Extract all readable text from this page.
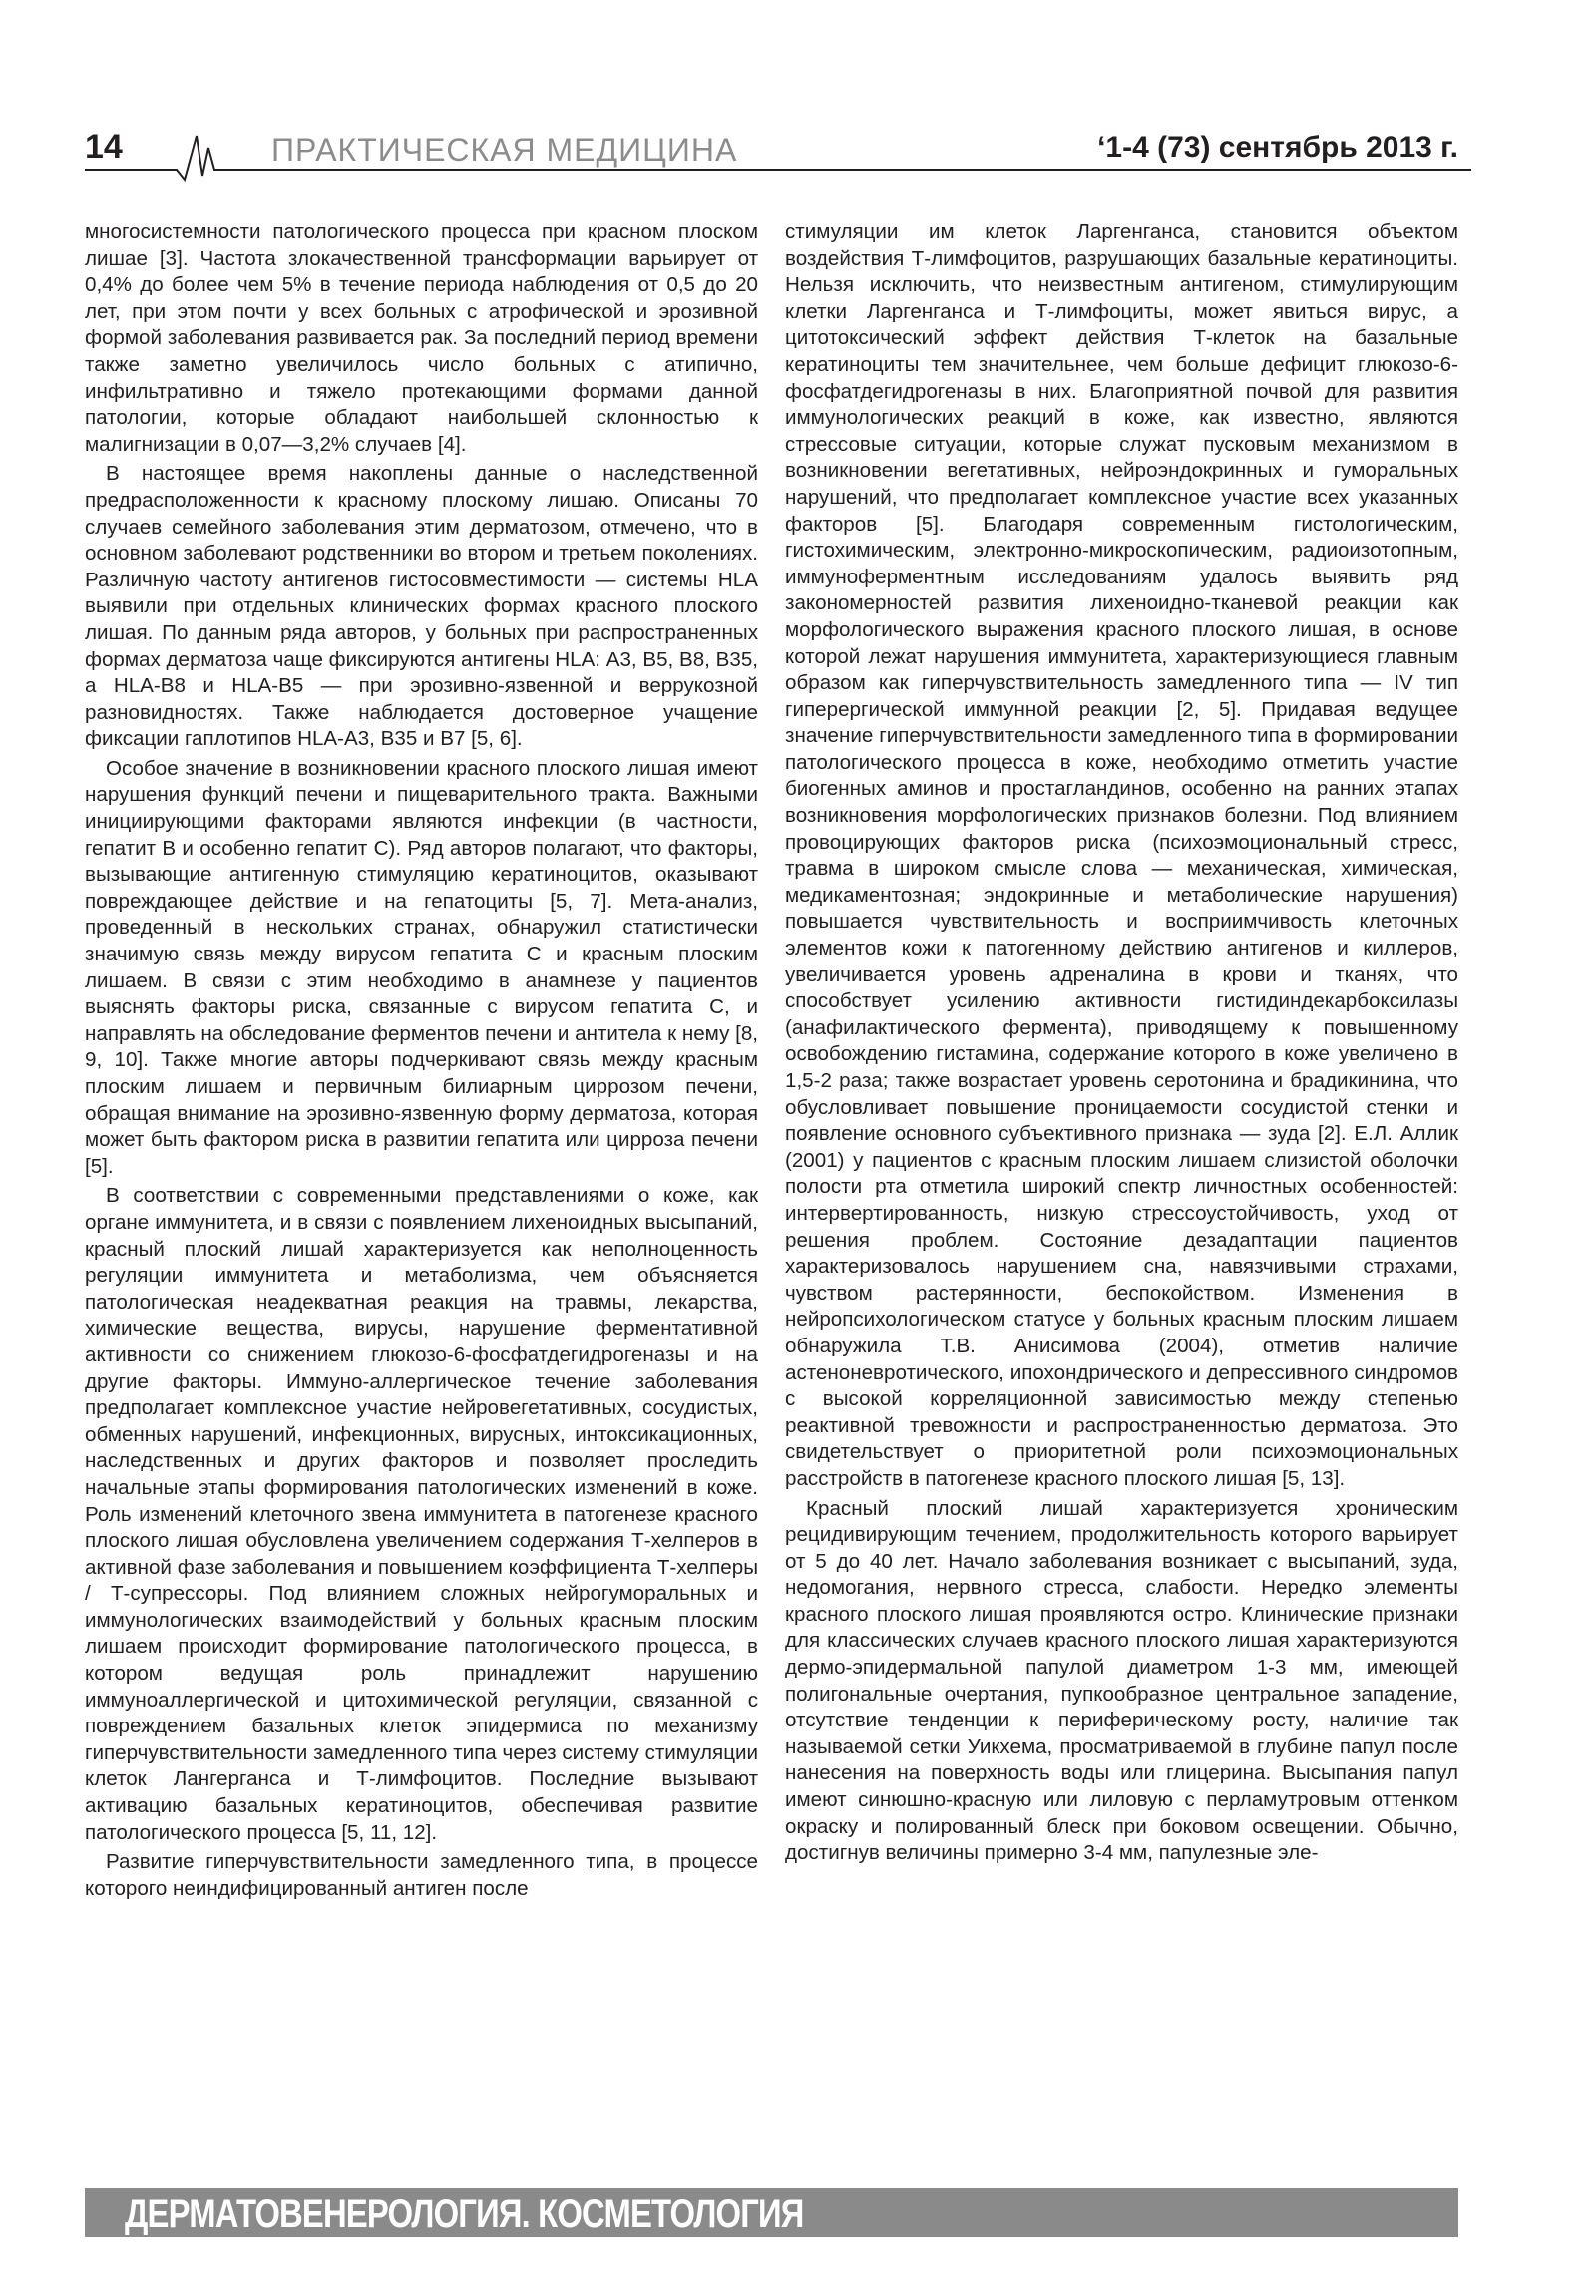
14	ПРАКТИЧЕСКАЯ МЕДИЦИНА	‘1-4 (73) сентябрь 2013 г.

многосистемности патологического процесса при красном плоском лишае [3]. Частота злокачественной трансформации варьирует от 0,4% до более чем 5% в течение периода наблюдения от 0,5 до 20 лет, при этом почти у всех больных с атрофической и эрозивной формой заболевания развивается рак. За последний период времени также заметно увеличилось число больных с атипично, инфильтративно и тяжело протекающими формами данной патологии, которые обладают наибольшей склонностью к малигнизации в 0,07—3,2% случаев [4].

В настоящее время накоплены данные о наследственной предрасположенности к красному плоскому лишаю. Описаны 70 случаев семейного заболевания этим дерматозом, отмечено, что в основном заболевают родственники во втором и третьем поколениях. Различную частоту антигенов гистосовместимости — системы HLA выявили при отдельных клинических формах красного плоского лишая. По данным ряда авторов, у больных при распространенных формах дерматоза чаще фиксируются антигены HLA: А3, В5, В8, В35, а HLA-B8 и HLA-B5 — при эрозивно-язвенной и веррукозной разновидностях. Также наблюдается достоверное учащение фиксации гаплотипов HLA-A3, B35 и B7 [5, 6].

Особое значение в возникновении красного плоского лишая имеют нарушения функций печени и пищеварительного тракта. Важными инициирующими факторами являются инфекции (в частности, гепатит В и особенно гепатит С). Ряд авторов полагают, что факторы, вызывающие антигенную стимуляцию кератиноцитов, оказывают повреждающее действие и на гепатоциты [5, 7]. Мета-анализ, проведенный в нескольких странах, обнаружил статистически значимую связь между вирусом гепатита С и красным плоским лишаем. В связи с этим необходимо в анамнезе у пациентов выяснять факторы риска, связанные с вирусом гепатита С, и направлять на обследование ферментов печени и антитела к нему [8, 9, 10]. Также многие авторы подчеркивают связь между красным плоским лишаем и первичным билиарным циррозом печени, обращая внимание на эрозивно-язвенную форму дерматоза, которая может быть фактором риска в развитии гепатита или цирроза печени [5].

В соответствии с современными представлениями о коже, как органе иммунитета, и в связи с появлением лихеноидных высыпаний, красный плоский лишай характеризуется как неполноценность регуляции иммунитета и метаболизма, чем объясняется патологическая неадекватная реакция на травмы, лекарства, химические вещества, вирусы, нарушение ферментативной активности со снижением глюкозо-6-фосфатдегидрогеназы и на другие факторы. Иммуно-аллергическое течение заболевания предполагает комплексное участие нейровегетативных, сосудистых, обменных нарушений, инфекционных, вирусных, интоксикационных, наследственных и других факторов и позволяет проследить начальные этапы формирования патологических изменений в коже. Роль изменений клеточного звена иммунитета в патогенезе красного плоского лишая обусловлена увеличением содержания Т-хелперов в активной фазе заболевания и повышением коэффициента Т-хелперы / Т-супрессоры. Под влиянием сложных нейрогуморальных и иммунологических взаимодействий у больных красным плоским лишаем происходит формирование патологического процесса, в котором ведущая роль принадлежит нарушению иммуноаллергической и цитохимической регуляции, связанной с повреждением базальных клеток эпидермиса по механизму гиперчувствительности замедленного типа через систему стимуляции клеток Лангерганса и Т-лимфоцитов. Последние вызывают активацию базальных кератиноцитов, обеспечивая развитие патологического процесса [5, 11, 12].

Развитие гиперчувствительности замедленного типа, в процессе которого неиндифицированный антиген после

стимуляции им клеток Ларгенганса, становится объектом воздействия Т-лимфоцитов, разрушающих базальные кератиноциты. Нельзя исключить, что неизвестным антигеном, стимулирующим клетки Ларгенганса и Т-лимфоциты, может явиться вирус, а цитотоксический эффект действия Т-клеток на базальные кератиноциты тем значительнее, чем больше дефицит глюкозо-6-фосфатдегидрогеназы в них. Благоприятной почвой для развития иммунологических реакций в коже, как известно, являются стрессовые ситуации, которые служат пусковым механизмом в возникновении вегетативных, нейроэндокринных и гуморальных нарушений, что предполагает комплексное участие всех указанных факторов [5]. Благодаря современным гистологическим, гистохимическим, электронно-микроскопическим, радиоизотопным, иммуноферментным исследованиям удалось выявить ряд закономерностей развития лихеноидно-тканевой реакции как морфологического выражения красного плоского лишая, в основе которой лежат нарушения иммунитета, характеризующиеся главным образом как гиперчувствительность замедленного типа — IV тип гиперергической иммунной реакции [2, 5]. Придавая ведущее значение гиперчувствительности замедленного типа в формировании патологического процесса в коже, необходимо отметить участие биогенных аминов и простагландинов, особенно на ранних этапах возникновения морфологических признаков болезни. Под влиянием провоцирующих факторов риска (психоэмоциональный стресс, травма в широком смысле слова — механическая, химическая, медикаментозная; эндокринные и метаболические нарушения) повышается чувствительность и восприимчивость клеточных элементов кожи к патогенному действию антигенов и киллеров, увеличивается уровень адреналина в крови и тканях, что способствует усилению активности гистидиндекарбоксилазы (анафилактического фермента), приводящему к повышенному освобождению гистамина, содержание которого в коже увеличено в 1,5-2 раза; также возрастает уровень серотонина и брадикинина, что обусловливает повышение проницаемости сосудистой стенки и появление основного субъективного признака — зуда [2]. Е.Л. Аллик (2001) у пациентов с красным плоским лишаем слизистой оболочки полости рта отметила широкий спектр личностных особенностей: интервертированность, низкую стрессоустойчивость, уход от решения проблем. Состояние дезадаптации пациентов характеризовалось нарушением сна, навязчивыми страхами, чувством растерянности, беспокойством. Изменения в нейропсихологическом статусе у больных красным плоским лишаем обнаружила Т.В. Анисимова (2004), отметив наличие астеноневротического, ипохондрического и депрессивного синдромов с высокой корреляционной зависимостью между степенью реактивной тревожности и распространенностью дерматоза. Это свидетельствует о приоритетной роли психоэмоциональных расстройств в патогенезе красного плоского лишая [5, 13].

Красный плоский лишай характеризуется хроническим рецидивирующим течением, продолжительность которого варьирует от 5 до 40 лет. Начало заболевания возникает с высыпаний, зуда, недомогания, нервного стресса, слабости. Нередко элементы красного плоского лишая проявляются остро. Клинические признаки для классических случаев красного плоского лишая характеризуются дермо-эпидермальной папулой диаметром 1-3 мм, имеющей полигональные очертания, пупкообразное центральное западение, отсутствие тенденции к периферическому росту, наличие так называемой сетки Уикхема, просматриваемой в глубине папул после нанесения на поверхность воды или глицерина. Высыпания папул имеют синюшно-красную или лиловую с перламутровым оттенком окраску и полированный блеск при боковом освещении. Обычно, достигнув величины примерно 3-4 мм, папулезные эле-

ДЕРМАТОВЕНЕРОЛОГИЯ. КОСМЕТОЛОГИЯ
